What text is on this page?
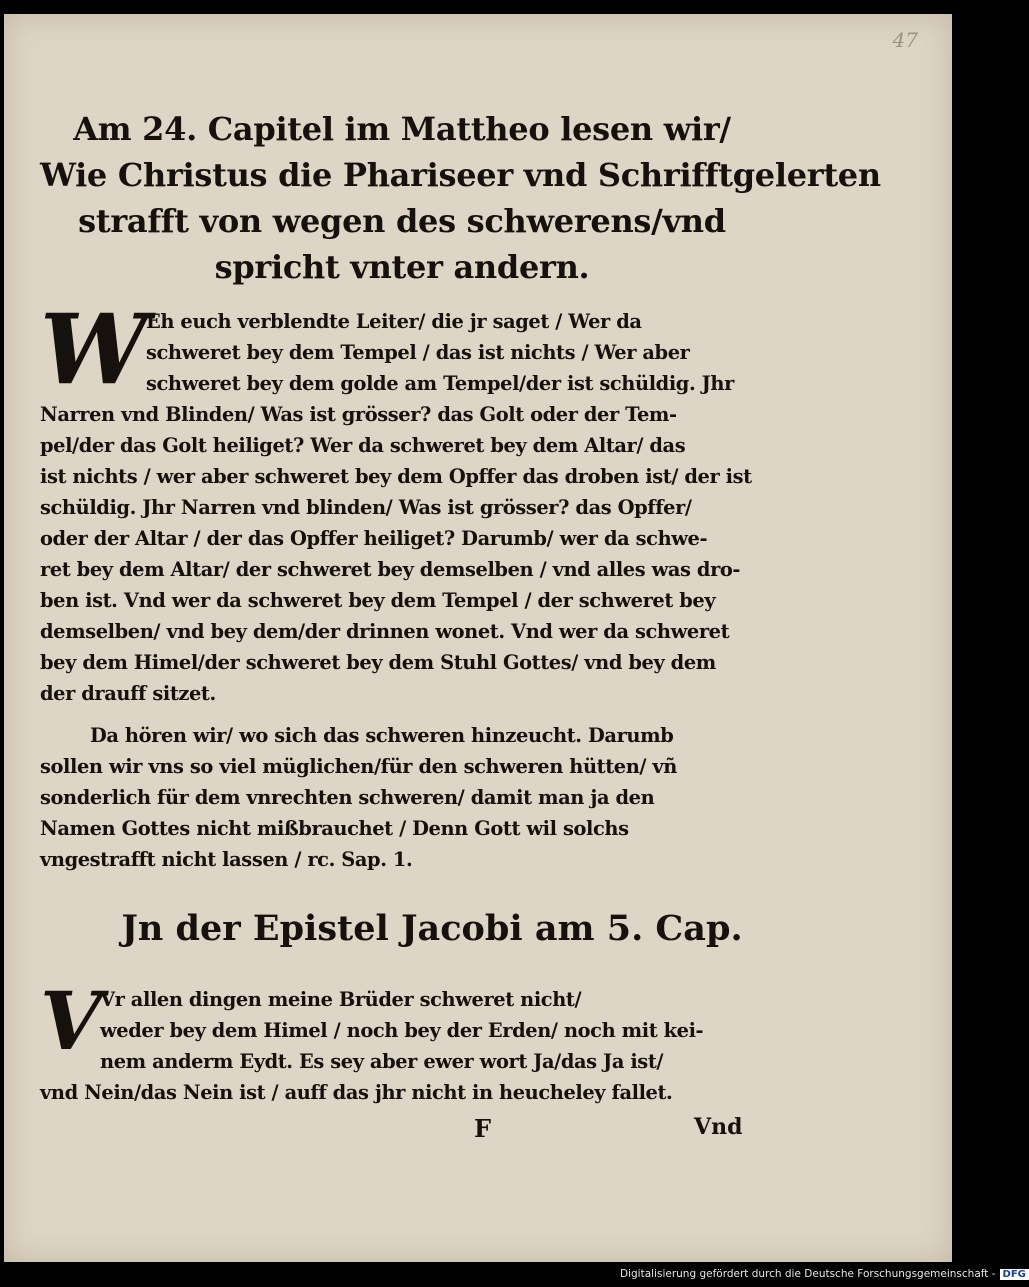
47
Am 24. Capitel im Mattheo lesen wir/
Wie Christus die Phariseer vnd Schrifftgelerten
strafft von wegen des schwerens/vnd
spricht vnter andern.
W
Eh euch verblendte Leiter/ die jr saget / Wer da
schweret bey dem Tempel / das ist nichts / Wer aber
schweret bey dem golde am Tempel/der ist schüldig. Jhr
Narren vnd Blinden/ Was ist grösser? das Golt oder der Tem-
pel/der das Golt heiliget? Wer da schweret bey dem Altar/ das
ist nichts / wer aber schweret bey dem Opffer das droben ist/ der ist
schüldig. Jhr Narren vnd blinden/ Was ist grösser? das Opffer/
oder der Altar / der das Opffer heiliget? Darumb/ wer da schwe-
ret bey dem Altar/ der schweret bey demselben / vnd alles was dro-
ben ist. Vnd wer da schweret bey dem Tempel / der schweret bey
demselben/ vnd bey dem/der drinnen wonet. Vnd wer da schweret
bey dem Himel/der schweret bey dem Stuhl Gottes/ vnd bey dem
der drauff sitzet.
Da hören wir/ wo sich das schweren hinzeucht. Darumb
sollen wir vns so viel müglichen/für den schweren hütten/ vñ
sonderlich für dem vnrechten schweren/ damit man ja den
Namen Gottes nicht mißbrauchet / Denn Gott wil solchs
vngestrafft nicht lassen / rc. Sap. 1.
Jn der Epistel Jacobi am 5. Cap.
V
Vr allen dingen meine Brüder schweret nicht/
weder bey dem Himel / noch bey der Erden/ noch mit kei-
nem anderm Eydt. Es sey aber ewer wort Ja/das Ja ist/
vnd Nein/das Nein ist / auff das jhr nicht in heucheley fallet.
F	Vnd
Digitalisierung gefördert durch die Deutsche Forschungsgemeinschaft - DFG
